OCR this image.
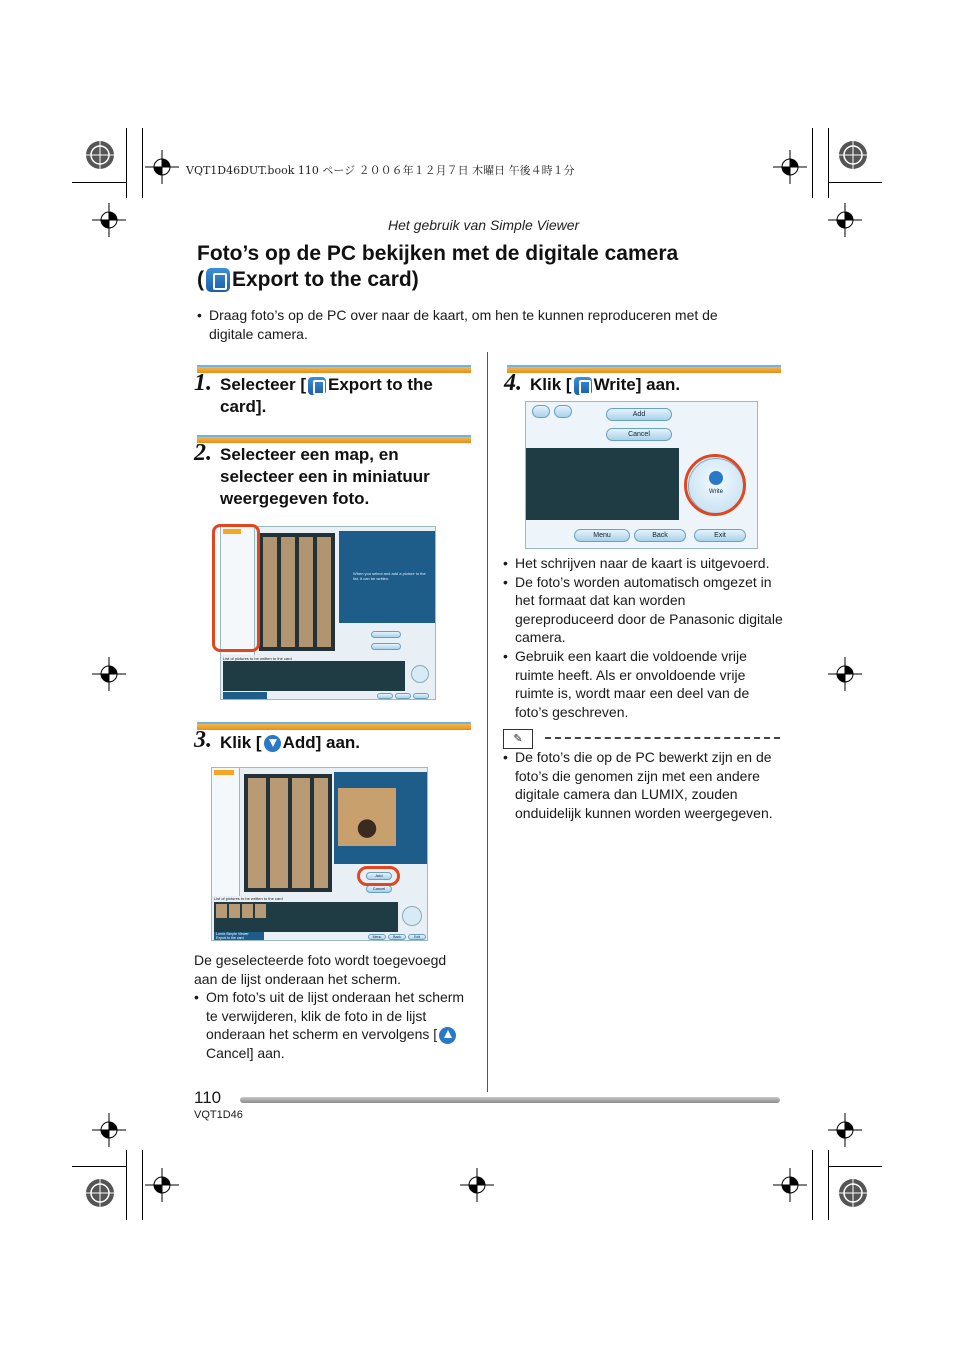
VQT1D46DUT.book 110 ページ ２００６年１２月７日 木曜日 午後４時１分
Het gebruik van Simple Viewer
Foto’s op de PC bekijken met de digitale camera
( Export to the card)
• Draag foto’s op de PC over naar de kaart, om hen te kunnen reproduceren met de digitale camera.
1. Selecteer [ Export to the card].
2. Selecteer een map, en selecteer een in miniatuur weergegeven foto.
When you select and add a picture to the list, it can be written.
List of pictures to be written to the card
3. Klik [ Add] aan.
Add
Cancel
List of pictures to be written to the card
Lumix Simple Viewer
Export to the card	Menu	Back	Exit

De geselecteerde foto wordt toegevoegd aan de lijst onderaan het scherm.

• Om foto’s uit de lijst onderaan het scherm te verwijderen, klik de foto in de lijst onderaan het scherm en vervolgens [Cancel] aan.
4. Klik [ Write] aan.
Add
Cancel
Write
Menu	Back	Exit
• Het schrijven naar de kaart is uitgevoerd.
• De foto’s worden automatisch omgezet in het formaat dat kan worden gereproduceerd door de Panasonic digitale camera.
• Gebruik een kaart die voldoende vrije ruimte heeft. Als er onvoldoende vrije ruimte is, wordt maar een deel van de foto’s geschreven.
✎
• De foto’s die op de PC bewerkt zijn en de foto’s die genomen zijn met een andere digitale camera dan LUMIX, zouden onduidelijk kunnen worden weergegeven.
110
VQT1D46
